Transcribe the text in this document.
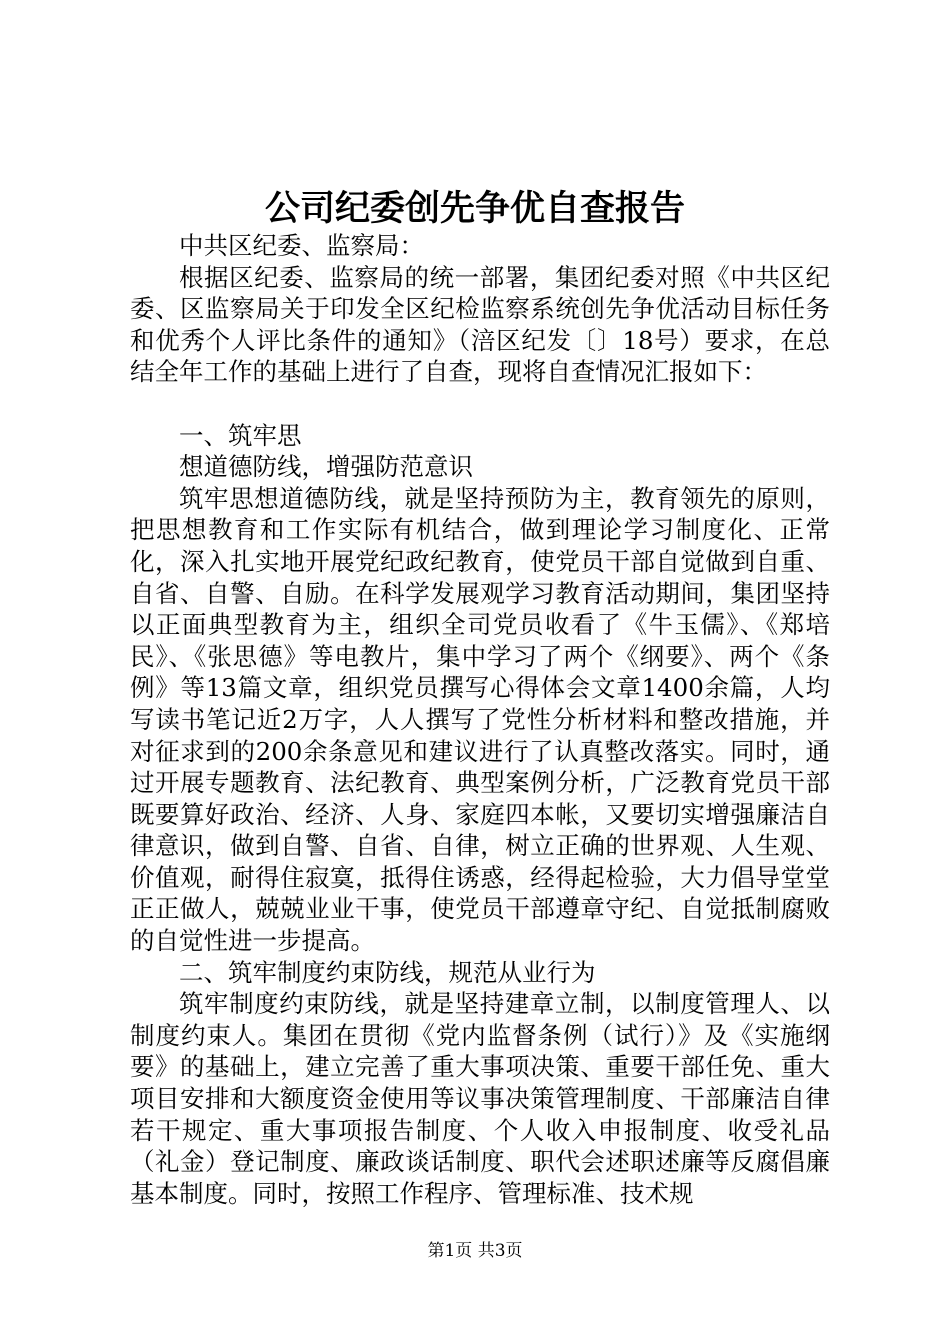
公司纪委创先争优自查报告

中共区纪委、监察局：

根据区纪委、监察局的统一部署，集团纪委对照《中共区纪委、区监察局关于印发全区纪检监察系统创先争优活动目标任务和优秀个人评比条件的通知》（涪区纪发〔〕18号）要求，在总结全年工作的基础上进行了自查，现将自查情况汇报如下：

一、筑牢思

想道德防线，增强防范意识

筑牢思想道德防线，就是坚持预防为主，教育领先的原则，把思想教育和工作实际有机结合，做到理论学习制度化、正常化，深入扎实地开展党纪政纪教育，使党员干部自觉做到自重、自省、自警、自励。在科学发展观学习教育活动期间，集团坚持以正面典型教育为主，组织全司党员收看了《牛玉儒》、《郑培民》、《张思德》等电教片，集中学习了两个《纲要》、两个《条例》等13篇文章，组织党员撰写心得体会文章1400余篇，人均写读书笔记近2万字，人人撰写了党性分析材料和整改措施，并对征求到的200余条意见和建议进行了认真整改落实。同时，通过开展专题教育、法纪教育、典型案例分析，广泛教育党员干部既要算好政治、经济、人身、家庭四本帐，又要切实增强廉洁自律意识，做到自警、自省、自律，树立正确的世界观、人生观、价值观，耐得住寂寞，抵得住诱惑，经得起检验，大力倡导堂堂正正做人，兢兢业业干事，使党员干部遵章守纪、自觉抵制腐败的自觉性进一步提高。

二、筑牢制度约束防线，规范从业行为

筑牢制度约束防线，就是坚持建章立制，以制度管理人、以制度约束人。集团在贯彻《党内监督条例（试行）》及《实施纲要》的基础上，建立完善了重大事项决策、重要干部任免、重大项目安排和大额度资金使用等议事决策管理制度、干部廉洁自律若干规定、重大事项报告制度、个人收入申报制度、收受礼品（礼金）登记制度、廉政谈话制度、职代会述职述廉等反腐倡廉基本制度。同时，按照工作程序、管理标准、技术规

第1页 共3页
